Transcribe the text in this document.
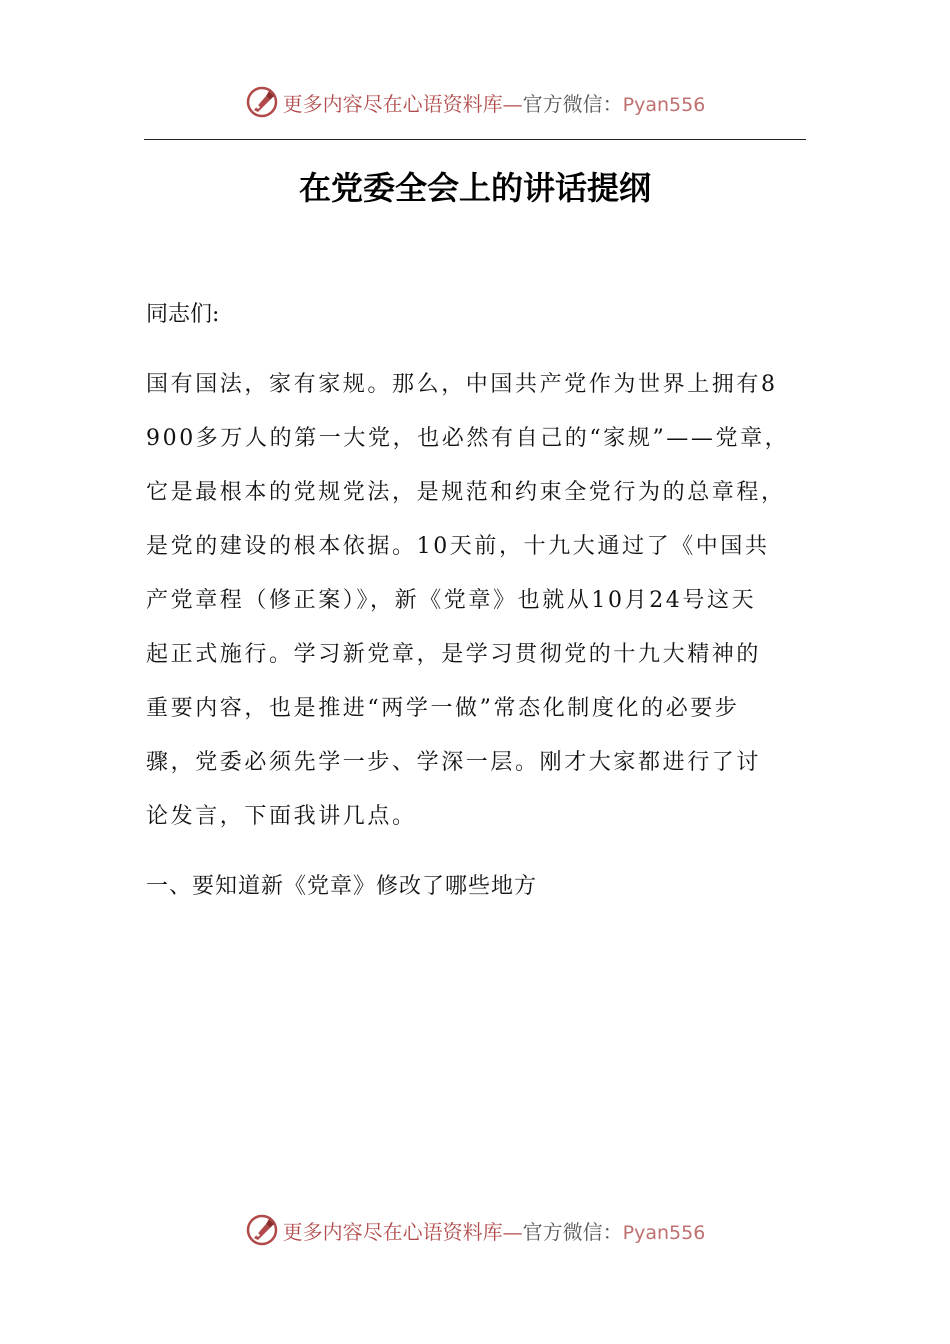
更多内容尽在心语资料库—官方微信：Pyan556
在党委全会上的讲话提纲

同志们:

国有国法，家有家规。那么，中国共产党作为世界上拥有8
900多万人的第一大党，也必然有自己的“家规”——党章，
它是最根本的党规党法，是规范和约束全党行为的总章程，
是党的建设的根本依据。10天前，十九大通过了《中国共
产党章程（修正案）》，新《党章》也就从10月24号这天
起正式施行。学习新党章，是学习贯彻党的十九大精神的
重要内容，也是推进“两学一做”常态化制度化的必要步
骤，党委必须先学一步、学深一层。刚才大家都进行了讨
论发言，下面我讲几点。

一、要知道新《党章》修改了哪些地方

更多内容尽在心语资料库—官方微信：Pyan556
